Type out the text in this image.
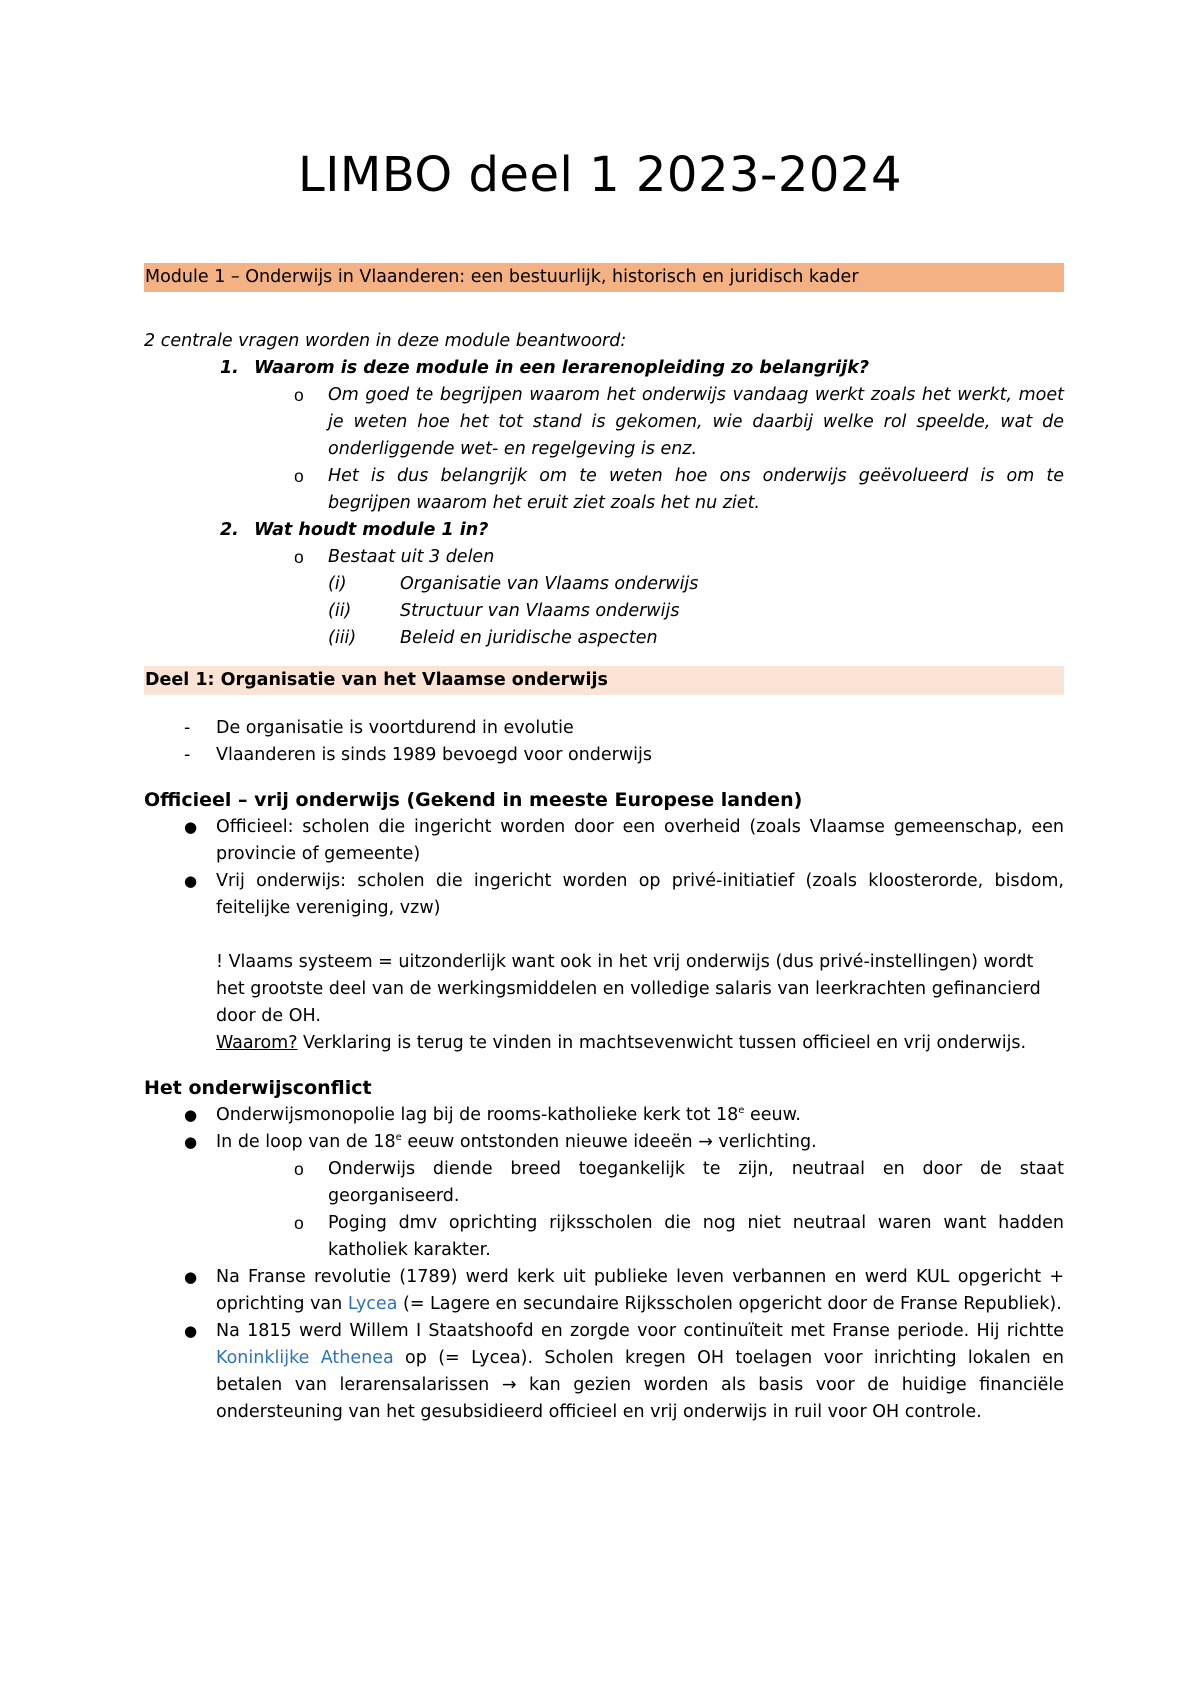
LIMBO deel 1 2023-2024
Module 1 – Onderwijs in Vlaanderen: een bestuurlijk, historisch en juridisch kader
2 centrale vragen worden in deze module beantwoord:
1. Waarom is deze module in een lerarenopleiding zo belangrijk?
o Om goed te begrijpen waarom het onderwijs vandaag werkt zoals het werkt, moet je weten hoe het tot stand is gekomen, wie daarbij welke rol speelde, wat de onderliggende wet- en regelgeving is enz.
o Het is dus belangrijk om te weten hoe ons onderwijs geëvolueerd is om te begrijpen waarom het eruit ziet zoals het nu ziet.
2. Wat houdt module 1 in?
o Bestaat uit 3 delen
(i)	Organisatie van Vlaams onderwijs
(ii)	Structuur van Vlaams onderwijs
(iii)	Beleid en juridische aspecten
Deel 1: Organisatie van het Vlaamse onderwijs
- De organisatie is voortdurend in evolutie
- Vlaanderen is sinds 1989 bevoegd voor onderwijs
Officieel – vrij onderwijs (Gekend in meeste Europese landen)
● Officieel: scholen die ingericht worden door een overheid (zoals Vlaamse gemeenschap, een provincie of gemeente)
● Vrij onderwijs: scholen die ingericht worden op privé-initiatief (zoals kloosterorde, bisdom, feitelijke vereniging, vzw)
! Vlaams systeem = uitzonderlijk want ook in het vrij onderwijs (dus privé-instellingen) wordt het grootste deel van de werkingsmiddelen en volledige salaris van leerkrachten gefinancierd door de OH.
Waarom? Verklaring is terug te vinden in machtsevenwicht tussen officieel en vrij onderwijs.
Het onderwijsconflict
● Onderwijsmonopolie lag bij de rooms-katholieke kerk tot 18e eeuw.
● In de loop van de 18e eeuw ontstonden nieuwe ideeën → verlichting.
o Onderwijs diende breed toegankelijk te zijn, neutraal en door de staat georganiseerd.
o Poging dmv oprichting rijksscholen die nog niet neutraal waren want hadden katholiek karakter.
● Na Franse revolutie (1789) werd kerk uit publieke leven verbannen en werd KUL opgericht + oprichting van Lycea (= Lagere en secundaire Rijksscholen opgericht door de Franse Republiek).
● Na 1815 werd Willem I Staatshoofd en zorgde voor continuïteit met Franse periode. Hij richtte Koninklijke Athenea op (= Lycea). Scholen kregen OH toelagen voor inrichting lokalen en betalen van lerarensalarissen → kan gezien worden als basis voor de huidige financiële ondersteuning van het gesubsidieerd officieel en vrij onderwijs in ruil voor OH controle.
